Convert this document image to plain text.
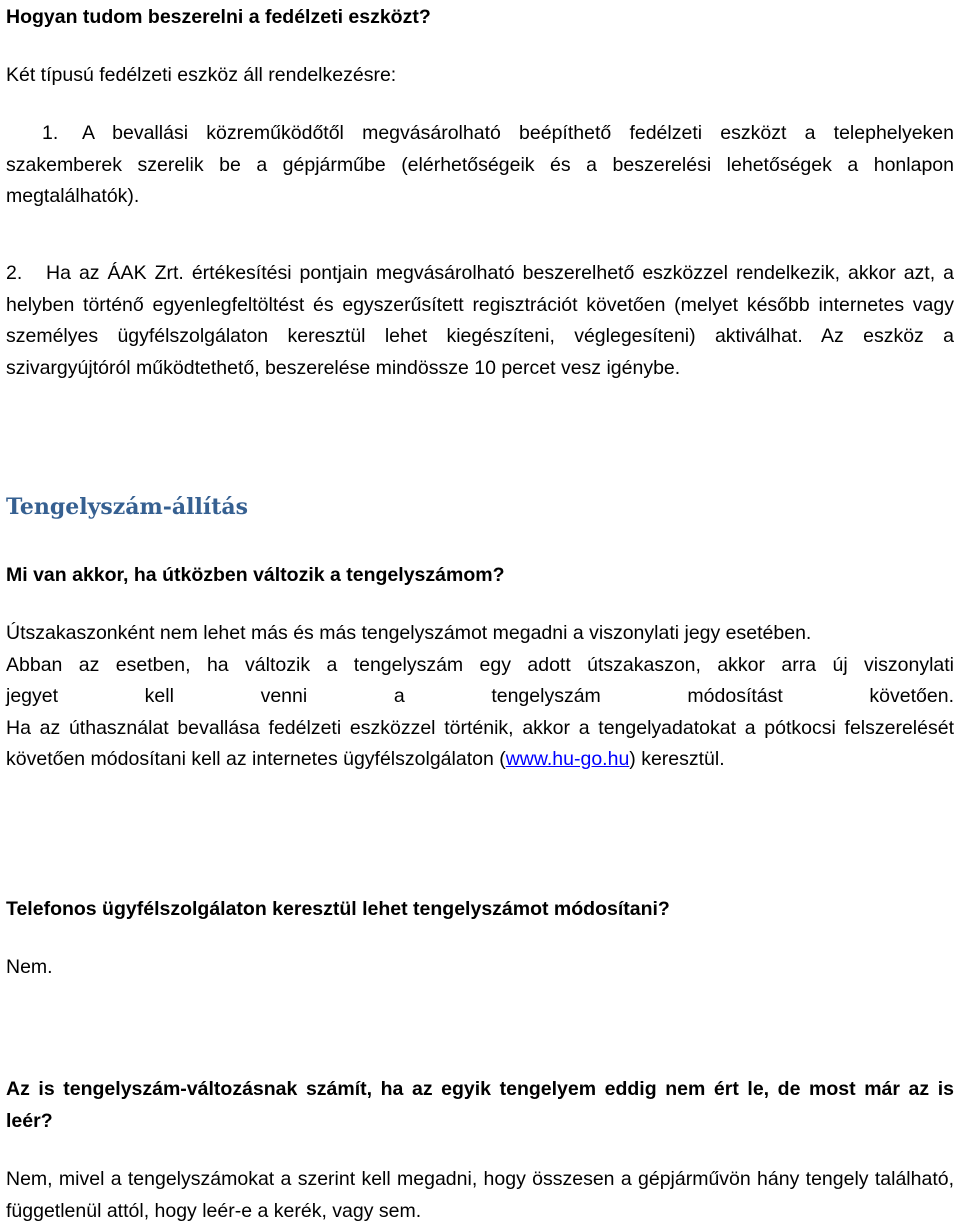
Hogyan tudom beszerelni a fedélzeti eszközt?

Két típusú fedélzeti eszköz áll rendelkezésre:

1. A bevallási közreműködőtől megvásárolható beépíthető fedélzeti eszközt a telephelyeken szakemberek szerelik be a gépjárműbe (elérhetőségeik és a beszerelési lehetőségek a honlapon megtalálhatók).

2. Ha az ÁAK Zrt. értékesítési pontjain megvásárolható beszerelhető eszközzel rendelkezik, akkor azt, a helyben történő egyenlegfeltöltést és egyszerűsített regisztrációt követően (melyet később internetes vagy személyes ügyfélszolgálaton keresztül lehet kiegészíteni, véglegesíteni) aktiválhat. Az eszköz a szivargyújtóról működtethető, beszerelése mindössze 10 percet vesz igénybe.

Tengelyszám-állítás

Mi van akkor, ha útközben változik a tengelyszámom?

Útszakaszonként nem lehet más és más tengelyszámot megadni a viszonylati jegy esetében.
Abban az esetben, ha változik a tengelyszám egy adott útszakaszon, akkor arra új viszonylati
jegyet kell venni a tengelyszám módosítást követően.
Ha az úthasználat bevallása fedélzeti eszközzel történik, akkor a tengelyadatokat a pótkocsi felszerelését követően módosítani kell az internetes ügyfélszolgálaton (www.hu-go.hu) keresztül.

Telefonos ügyfélszolgálaton keresztül lehet tengelyszámot módosítani?

Nem.

Az is tengelyszám-változásnak számít, ha az egyik tengelyem eddig nem ért le, de most már az is leér?

Nem, mivel a tengelyszámokat a szerint kell megadni, hogy összesen a gépjárművön hány tengely található, függetlenül attól, hogy leér-e a kerék, vagy sem.
